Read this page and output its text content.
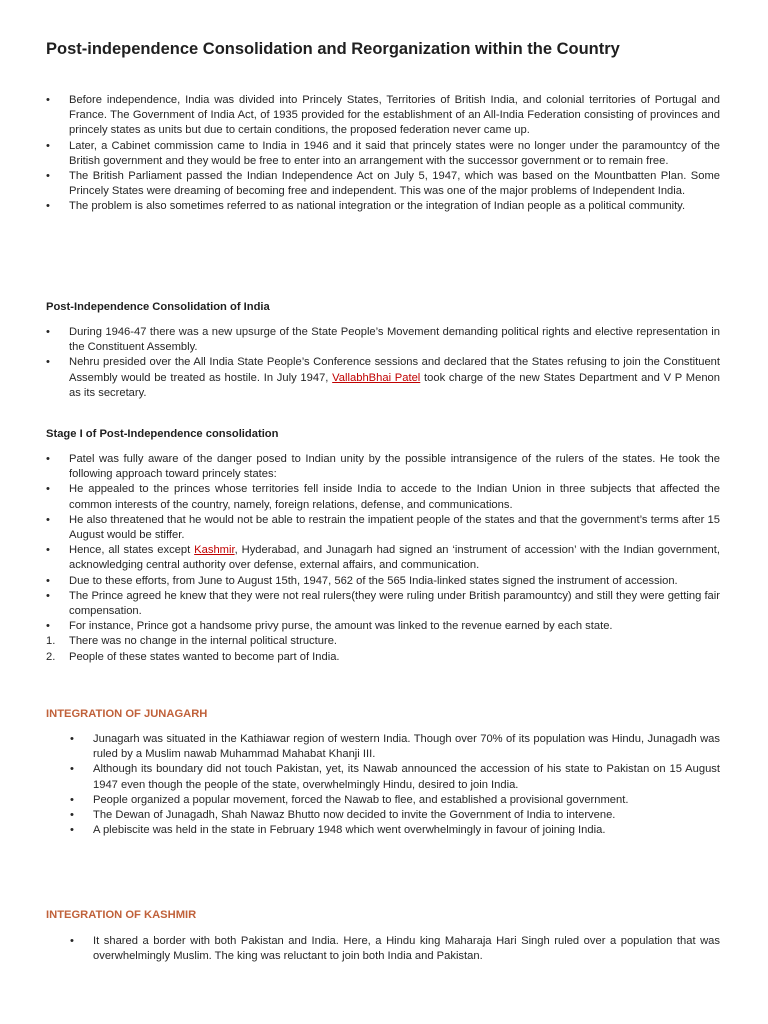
Post-independence Consolidation and Reorganization within the Country
•
Before independence, India was divided into Princely States, Territories of British India, and colonial territories of Portugal and France. The Government of India Act, of 1935 provided for the establishment of an All-India Federation consisting of provinces and princely states as units but due to certain conditions, the proposed federation never came up.
•
Later, a Cabinet commission came to India in 1946 and it said that princely states were no longer under the paramountcy of the British government and they would be free to enter into an arrangement with the successor government or to remain free.
•
The British Parliament passed the Indian Independence Act on July 5, 1947, which was based on the Mountbatten Plan. Some Princely States were dreaming of becoming free and independent. This was one of the major problems of Independent India.
•
The problem is also sometimes referred to as national integration or the integration of Indian people as a political community.
Post-Independence Consolidation of India
•
During 1946-47 there was a new upsurge of the State People’s Movement demanding political rights and elective representation in the Constituent Assembly.
•
Nehru presided over the All India State People’s Conference sessions and declared that the States refusing to join the Constituent Assembly would be treated as hostile. In July 1947, VallabhBhai Patel took charge of the new States Department and V P Menon as its secretary.
Stage I of Post-Independence consolidation
•
Patel was fully aware of the danger posed to Indian unity by the possible intransigence of the rulers of the states. He took the following approach toward princely states:
•
He appealed to the princes whose territories fell inside India to accede to the Indian Union in three subjects that affected the common interests of the country, namely, foreign relations, defense, and communications.
•
He also threatened that he would not be able to restrain the impatient people of the states and that the government’s terms after 15 August would be stiffer.
•
Hence, all states except Kashmir, Hyderabad, and Junagarh had signed an ‘instrument of accession’ with the Indian government, acknowledging central authority over defense, external affairs, and communication.
•
Due to these efforts, from June to August 15th, 1947, 562 of the 565 India-linked states signed the instrument of accession.
•
The Prince agreed he knew that they were not real rulers(they were ruling under British paramountcy) and still they were getting fair compensation.
•
For instance, Prince got a handsome privy purse, the amount was linked to the revenue earned by each state.
1.	There was no change in the internal political structure.
2.	People of these states wanted to become part of India.
INTEGRATION OF JUNAGARH
•
Junagarh was situated in the Kathiawar region of western India. Though over 70% of its population was Hindu, Junagadh was ruled by a Muslim nawab Muhammad Mahabat Khanji III.
•
Although its boundary did not touch Pakistan, yet, its Nawab announced the accession of his state to Pakistan on 15 August 1947 even though the people of the state, overwhelmingly Hindu, desired to join India.
•
People organized a popular movement, forced the Nawab to flee, and established a provisional government.
•
The Dewan of Junagadh, Shah Nawaz Bhutto now decided to invite the Government of India to intervene.
•
A plebiscite was held in the state in February 1948 which went overwhelmingly in favour of joining India.
INTEGRATION OF KASHMIR
•
It shared a border with both Pakistan and India. Here, a Hindu king Maharaja Hari Singh ruled over a population that was overwhelmingly Muslim. The king was reluctant to join both India and Pakistan.
